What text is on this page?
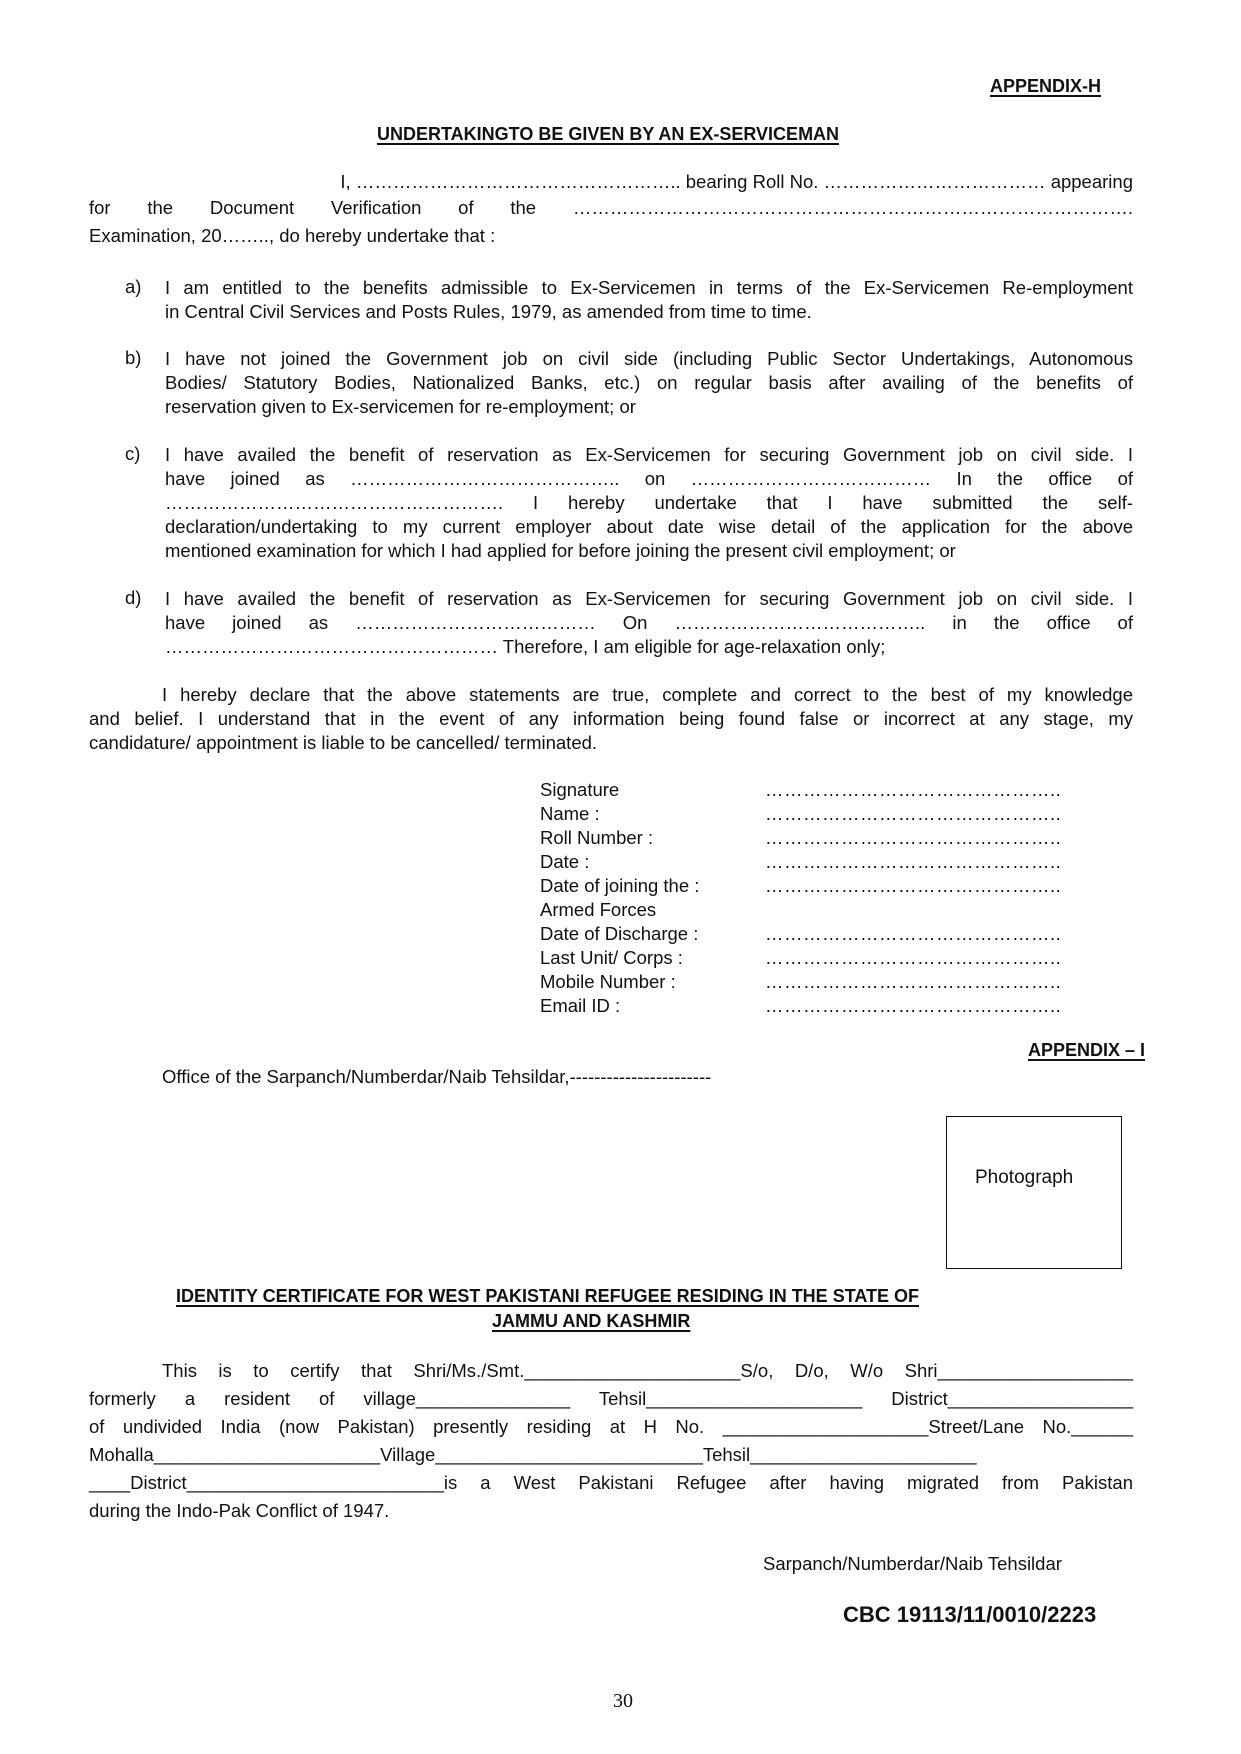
APPENDIX-H
UNDERTAKINGTO BE GIVEN BY AN EX-SERVICEMAN
I, …………………………………………….. bearing Roll No. ……………………………… appearing
for the Document Verification of the ……………………………………………………………………………….
Examination, 20…….., do hereby undertake that :
a)	I am entitled to the benefits admissible to Ex-Servicemen in terms of the Ex-Servicemen Re-employment
in Central Civil Services and Posts Rules, 1979, as amended from time to time.
b)	I have not joined the Government job on civil side (including Public Sector Undertakings, Autonomous
Bodies/ Statutory Bodies, Nationalized Banks, etc.) on regular basis after availing of the benefits of
reservation given to Ex-servicemen for re-employment; or
c)	I have availed the benefit of reservation as Ex-Servicemen for securing Government job on civil side. I
have joined as …………………………………….. on ………………………………… In the office of
………………………………………………. I hereby undertake that I have submitted the self-
declaration/undertaking to my current employer about date wise detail of the application for the above
mentioned examination for which I had applied for before joining the present civil employment; or
d)	I have availed the benefit of reservation as Ex-Servicemen for securing Government job on civil side. I
have joined as ………………………………… On ………………………………….. in the office of
……………………………………………… Therefore, I am eligible for age-relaxation only;
I hereby declare that the above statements are true, complete and correct to the best of my knowledge
and belief. I understand that in the event of any information being found false or incorrect at any stage, my
candidature/ appointment is liable to be cancelled/ terminated.
Signature	………………………………………..
Name :	………………………………………..
Roll Number :	………………………………………..
Date :	………………………………………..
Date of joining the :	………………………………………..
Armed Forces
Date of Discharge :	………………………………………..
Last Unit/ Corps :	………………………………………..
Mobile Number :	………………………………………..
Email ID :	………………………………………..
APPENDIX – I
Office of the Sarpanch/Numberdar/Naib Tehsildar,-----------------------
Photograph
IDENTITY CERTIFICATE FOR WEST PAKISTANI REFUGEE RESIDING IN THE STATE OF
JAMMU AND KASHMIR
This is to certify that Shri/Ms./Smt._____________________S/o, D/o, W/o Shri___________________
formerly a resident of village_______________ Tehsil_____________________ District__________________
of undivided India (now Pakistan) presently residing at H No. ____________________Street/Lane No.______
Mohalla______________________Village__________________________Tehsil______________________
____District_________________________is a West Pakistani Refugee after having migrated from Pakistan
during the Indo-Pak Conflict of 1947.
Sarpanch/Numberdar/Naib Tehsildar
CBC 19113/11/0010/2223
30
